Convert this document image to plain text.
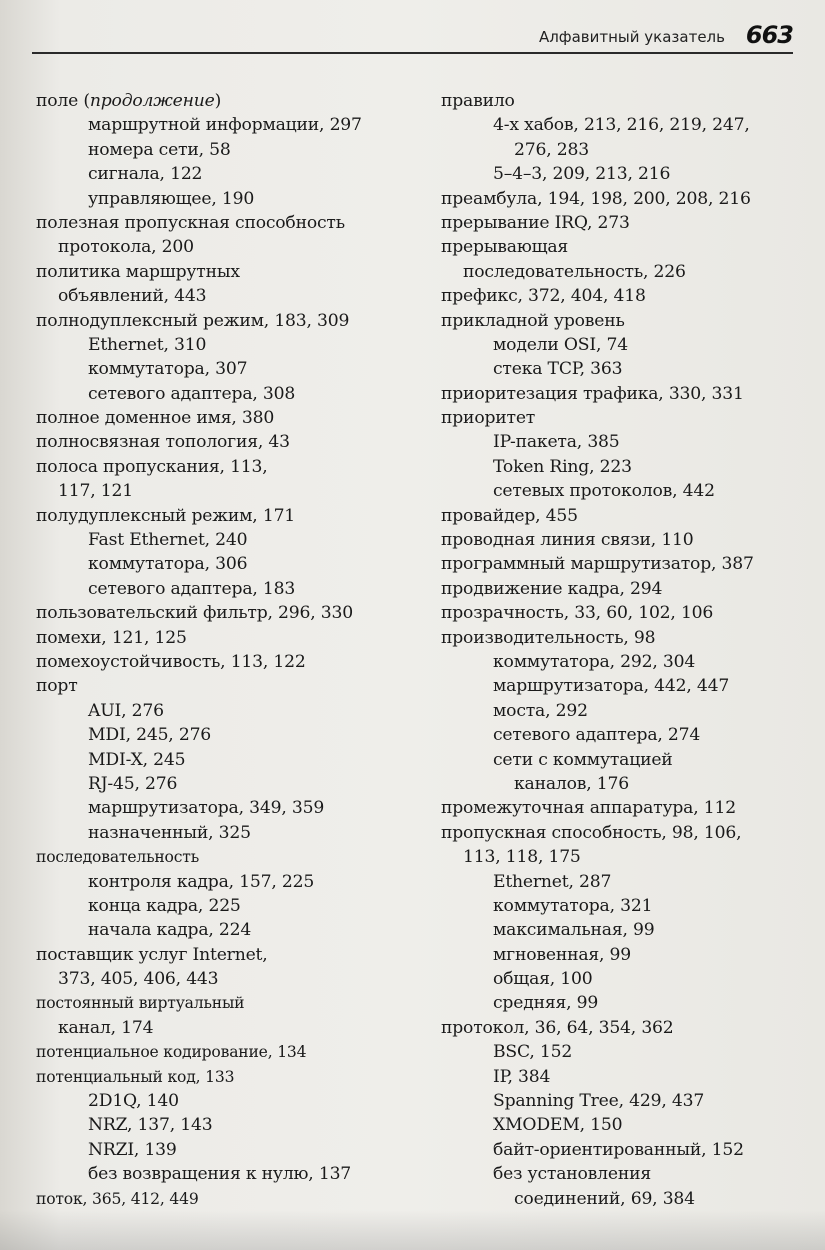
Алфавитный указатель 663
поле (продолжение)
маршрутной информации, 297
номера сети, 58
сигнала, 122
управляющее, 190
полезная пропускная способность
протокола, 200
политика маршрутных
объявлений, 443
полнодуплексный режим, 183, 309
Ethernet, 310
коммутатора, 307
сетевого адаптера, 308
полное доменное имя, 380
полносвязная топология, 43
полоса пропускания, 113,
117, 121
полудуплексный режим, 171
Fast Ethernet, 240
коммутатора, 306
сетевого адаптера, 183
пользовательский фильтр, 296, 330
помехи, 121, 125
помехоустойчивость, 113, 122
порт
AUI, 276
MDI, 245, 276
MDI-X, 245
RJ-45, 276
маршрутизатора, 349, 359
назначенный, 325
последовательность
контроля кадра, 157, 225
конца кадра, 225
начала кадра, 224
поставщик услуг Internet,
373, 405, 406, 443
постоянный виртуальный
канал, 174
потенциальное кодирование, 134
потенциальный код, 133
2D1Q, 140
NRZ, 137, 143
NRZI, 139
без возвращения к нулю, 137
поток, 365, 412, 449
правило
4-х хабов, 213, 216, 219, 247,
276, 283
5–4–3, 209, 213, 216
преамбула, 194, 198, 200, 208, 216
прерывание IRQ, 273
прерывающая
последовательность, 226
префикс, 372, 404, 418
прикладной уровень
модели OSI, 74
стека TCP, 363
приоритезация трафика, 330, 331
приоритет
IP-пакета, 385
Token Ring, 223
сетевых протоколов, 442
провайдер, 455
проводная линия связи, 110
программный маршрутизатор, 387
продвижение кадра, 294
прозрачность, 33, 60, 102, 106
производительность, 98
коммутатора, 292, 304
маршрутизатора, 442, 447
моста, 292
сетевого адаптера, 274
сети с коммутацией
каналов, 176
промежуточная аппаратура, 112
пропускная способность, 98, 106,
113, 118, 175
Ethernet, 287
коммутатора, 321
максимальная, 99
мгновенная, 99
общая, 100
средняя, 99
протокол, 36, 64, 354, 362
BSC, 152
IP, 384
Spanning Tree, 429, 437
XMODEM, 150
байт-ориентированный, 152
без установления
соединений, 69, 384
